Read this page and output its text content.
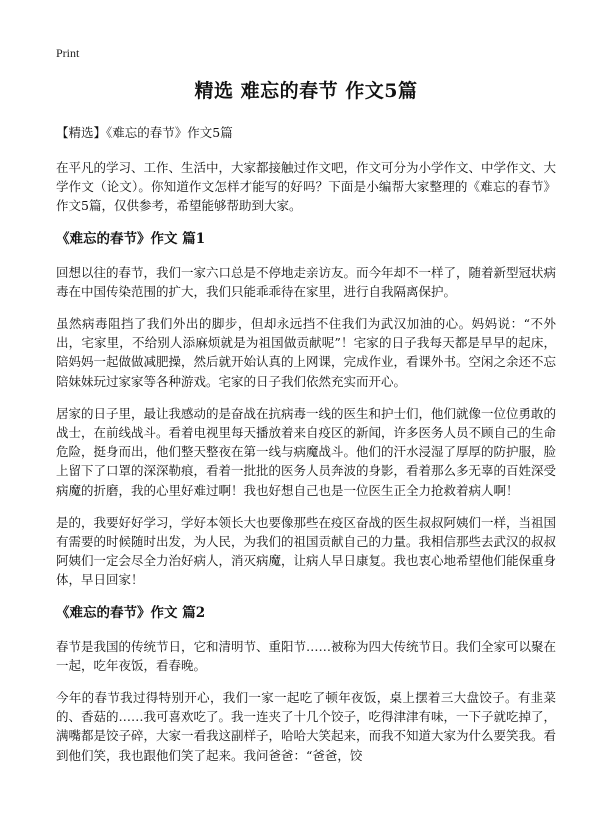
Print
精选 难忘的春节 作文5篇
【精选】《难忘的春节》作文5篇

在平凡的学习、工作、生活中，大家都接触过作文吧，作文可分为小学作文、中学作文、大学作文（论文）。你知道作文怎样才能写的好吗？下面是小编帮大家整理的《难忘的春节》作文5篇，仅供参考，希望能够帮助到大家。

《难忘的春节》作文 篇1

回想以往的春节，我们一家六口总是不停地走亲访友。而今年却不一样了，随着新型冠状病毒在中国传染范围的扩大，我们只能乖乖待在家里，进行自我隔离保护。

虽然病毒阻挡了我们外出的脚步，但却永远挡不住我们为武汉加油的心。妈妈说：“不外出，宅家里，不给别人添麻烦就是为祖国做贡献呢”！宅家的日子我每天都是早早的起床，陪妈妈一起做做减肥操，然后就开始认真的上网课，完成作业，看课外书。空闲之余还不忘陪妹妹玩过家家等各种游戏。宅家的日子我们依然充实而开心。

居家的日子里，最让我感动的是奋战在抗病毒一线的医生和护士们，他们就像一位位勇敢的战士，在前线战斗。看着电视里每天播放着来自疫区的新闻，许多医务人员不顾自己的生命危险，挺身而出，他们整天整夜在第一线与病魔战斗。他们的汗水浸湿了厚厚的防护服，脸上留下了口罩的深深勒痕，看着一批批的医务人员奔波的身影，看着那么多无辜的百姓深受病魔的折磨，我的心里好难过啊！我也好想自己也是一位医生正全力抢救着病人啊！

是的，我要好好学习，学好本领长大也要像那些在疫区奋战的医生叔叔阿姨们一样，当祖国有需要的时候随时出发，为人民，为我们的祖国贡献自己的力量。我相信那些去武汉的叔叔阿姨们一定会尽全力治好病人，消灭病魔，让病人早日康复。我也衷心地希望他们能保重身体，早日回家！

《难忘的春节》作文 篇2

春节是我国的传统节日，它和清明节、重阳节……被称为四大传统节日。我们全家可以聚在一起，吃年夜饭，看春晚。

今年的春节我过得特别开心，我们一家一起吃了顿年夜饭，桌上摆着三大盘饺子。有韭菜的、香菇的……我可喜欢吃了。我一连夹了十几个饺子，吃得津津有味，一下子就吃掉了，满嘴都是饺子碎，大家一看我这副样子，哈哈大笑起来，而我不知道大家为什么要笑我。看到他们笑，我也跟他们笑了起来。我问爸爸：“爸爸，饺
